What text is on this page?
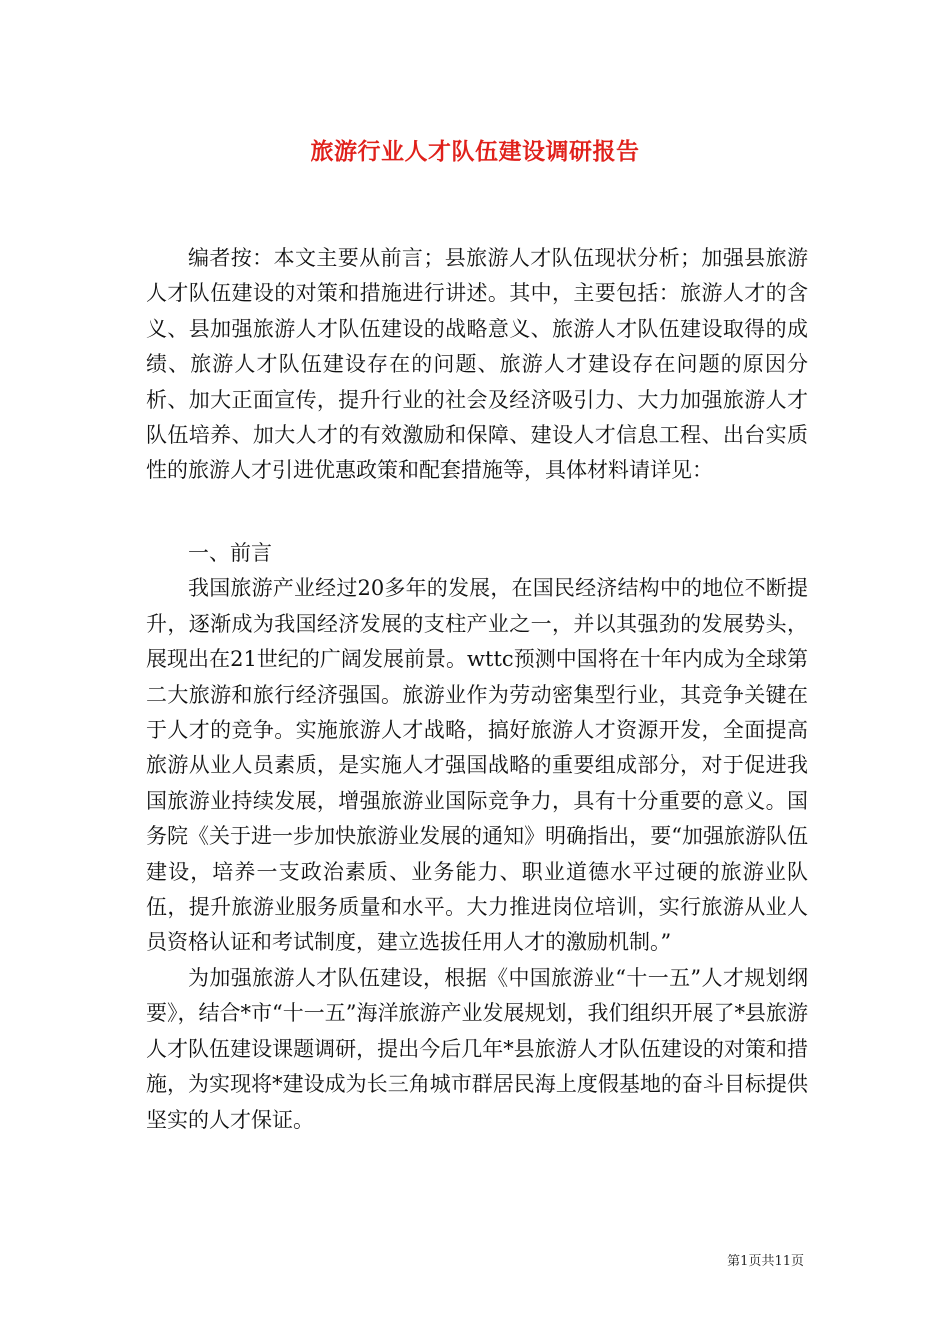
旅游行业人才队伍建设调研报告

编者按：本文主要从前言；县旅游人才队伍现状分析；加强县旅游人才队伍建设的对策和措施进行讲述。其中，主要包括：旅游人才的含义、县加强旅游人才队伍建设的战略意义、旅游人才队伍建设取得的成绩、旅游人才队伍建设存在的问题、旅游人才建设存在问题的原因分析、加大正面宣传，提升行业的社会及经济吸引力、大力加强旅游人才队伍培养、加大人才的有效激励和保障、建设人才信息工程、出台实质性的旅游人才引进优惠政策和配套措施等，具体材料请详见：

一、前言

我国旅游产业经过20多年的发展，在国民经济结构中的地位不断提升，逐渐成为我国经济发展的支柱产业之一，并以其强劲的发展势头，展现出在21世纪的广阔发展前景。wttc预测中国将在十年内成为全球第二大旅游和旅行经济强国。旅游业作为劳动密集型行业，其竞争关键在于人才的竞争。实施旅游人才战略，搞好旅游人才资源开发，全面提高旅游从业人员素质，是实施人才强国战略的重要组成部分，对于促进我国旅游业持续发展，增强旅游业国际竞争力，具有十分重要的意义。国务院《关于进一步加快旅游业发展的通知》明确指出，要“加强旅游队伍建设，培养一支政治素质、业务能力、职业道德水平过硬的旅游业队伍，提升旅游业服务质量和水平。大力推进岗位培训，实行旅游从业人员资格认证和考试制度，建立选拔任用人才的激励机制。”

为加强旅游人才队伍建设，根据《中国旅游业“十一五”人才规划纲要》，结合*市“十一五”海洋旅游产业发展规划，我们组织开展了*县旅游人才队伍建设课题调研，提出今后几年*县旅游人才队伍建设的对策和措施，为实现将*建设成为长三角城市群居民海上度假基地的奋斗目标提供坚实的人才保证。

第1页共11页
